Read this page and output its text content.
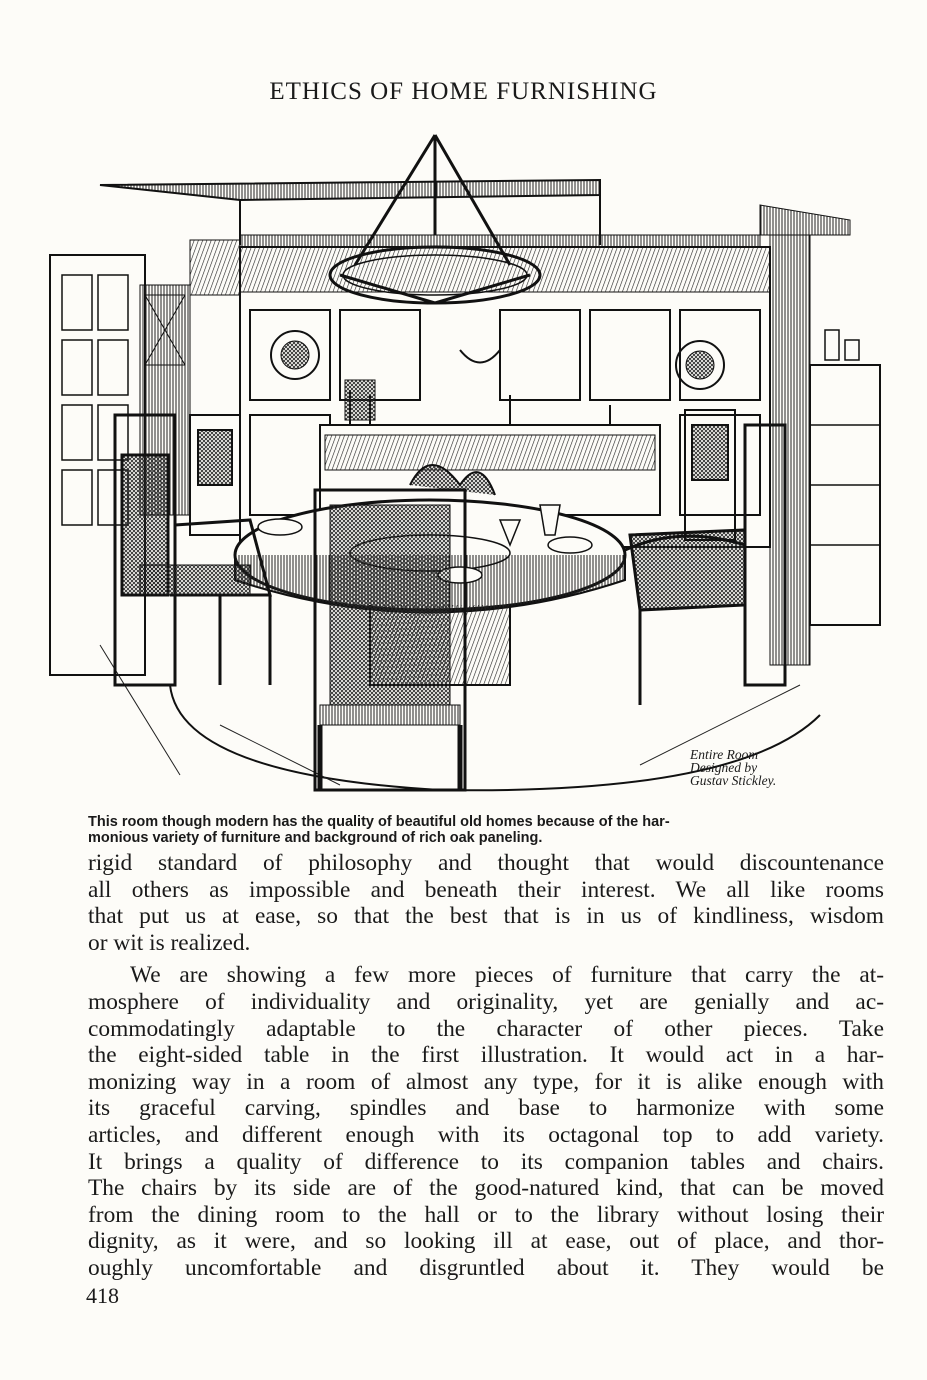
ETHICS OF HOME FURNISHING
Entire Room
Designed by
Gustav Stickley.
This room though modern has the quality of beautiful old homes because of the har-
monious variety of furniture and background of rich oak paneling.
rigid standard of philosophy and thought that would discountenance
all others as impossible and beneath their interest. We all like rooms
that put us at ease, so that the best that is in us of kindliness, wisdom
or wit is realized.
We are showing a few more pieces of furniture that carry the at-
mosphere of individuality and originality, yet are genially and ac-
commodatingly adaptable to the character of other pieces. Take
the eight-sided table in the first illustration. It would act in a har-
monizing way in a room of almost any type, for it is alike enough with
its graceful carving, spindles and base to harmonize with some
articles, and different enough with its octagonal top to add variety.
It brings a quality of difference to its companion tables and chairs.
The chairs by its side are of the good-natured kind, that can be moved
from the dining room to the hall or to the library without losing their
dignity, as it were, and so looking ill at ease, out of place, and thor-
oughly uncomfortable and disgruntled about it. They would be
418
